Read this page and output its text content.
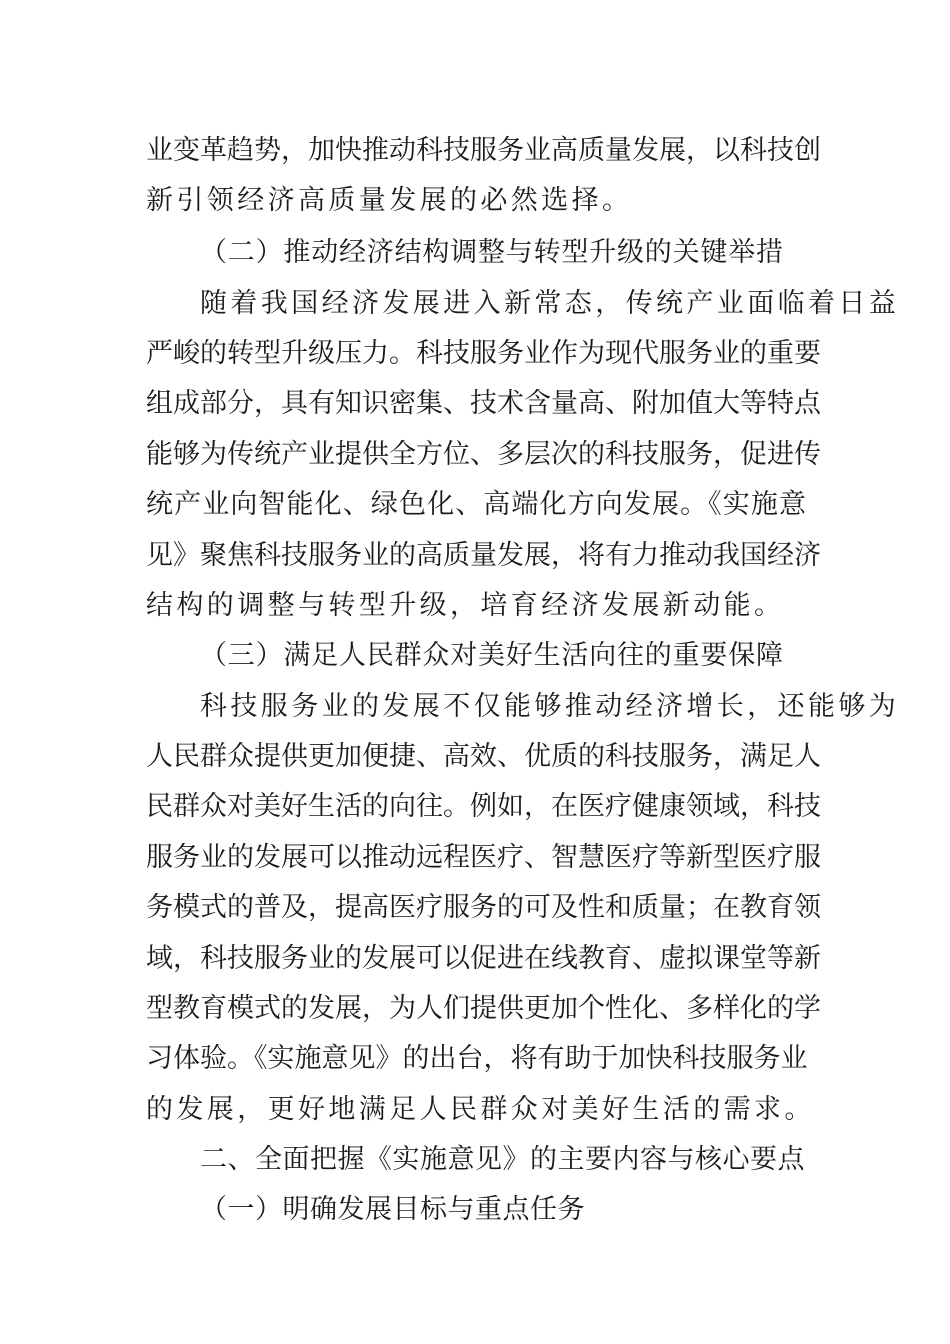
业变革趋势，加快推动科技服务业高质量发展，以科技创
新引领经济高质量发展的必然选择。
（二）推动经济结构调整与转型升级的关键举措
随着我国经济发展进入新常态，传统产业面临着日益
严峻的转型升级压力。科技服务业作为现代服务业的重要
组成部分，具有知识密集、技术含量高、附加值大等特点
能够为传统产业提供全方位、多层次的科技服务，促进传
统产业向智能化、绿色化、高端化方向发展。《实施意
见》聚焦科技服务业的高质量发展，将有力推动我国经济
结构的调整与转型升级，培育经济发展新动能。
（三）满足人民群众对美好生活向往的重要保障
科技服务业的发展不仅能够推动经济增长，还能够为
人民群众提供更加便捷、高效、优质的科技服务，满足人
民群众对美好生活的向往。例如，在医疗健康领域，科技
服务业的发展可以推动远程医疗、智慧医疗等新型医疗服
务模式的普及，提高医疗服务的可及性和质量；在教育领
域，科技服务业的发展可以促进在线教育、虚拟课堂等新
型教育模式的发展，为人们提供更加个性化、多样化的学
习体验。《实施意见》的出台，将有助于加快科技服务业
的发展，更好地满足人民群众对美好生活的需求。
二、全面把握《实施意见》的主要内容与核心要点
（一）明确发展目标与重点任务
